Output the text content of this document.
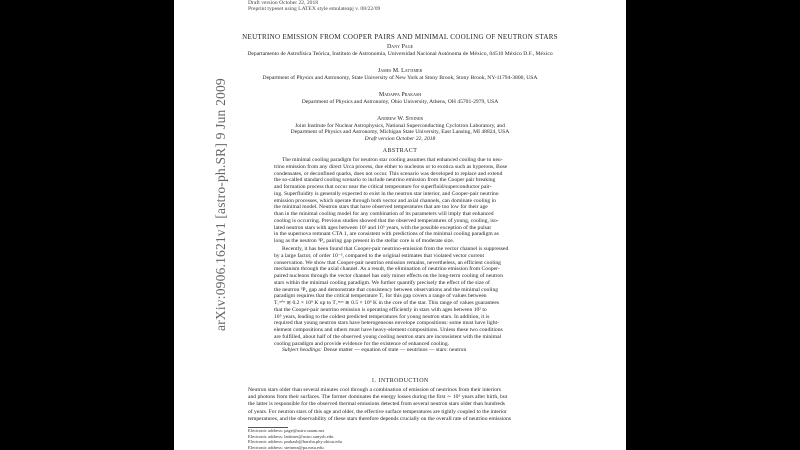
Draft version October 22, 2018
Preprint typeset using LATEX style emulateapj v. 08/22/09
NEUTRINO EMISSION FROM COOPER PAIRS AND MINIMAL COOLING OF NEUTRON STARS
Dany Page
Departamento de Astrofísica Teórica, Instituto de Astronomía, Universidad Nacional Autónoma de México, 04510 México D.F., México
James M. Lattimer
Department of Physics and Astronomy, State University of New York at Stony Brook, Stony Brook, NY-11794-3800, USA
Madappa Prakash
Department of Physics and Astronomy, Ohio University, Athens, OH 45701-2979, USA
Andrew W. Steiner
Joint Institute for Nuclear Astrophysics, National Superconducting Cyclotron Laboratory, and
Department of Physics and Astronomy, Michigan State University, East Lansing, MI 48824, USA
Draft version October 22, 2018
ABSTRACT
The minimal cooling paradigm for neutron star cooling assumes that enhanced cooling due to neu-
trino emission from any direct Urca process, due either to nucleons or to exotica such as hyperons, Bose
condensates, or deconfined quarks, does not occur. This scenario was developed to replace and extend
the so-called standard cooling scenario to include neutrino emission from the Cooper pair breaking
and formation process that occur near the critical temperature for superfluid/superconductor pair-
ing. Superfluidity is generally expected to exist in the neutron star interior, and Cooper-pair neutrino
emission processes, which operate through both vector and axial channels, can dominate cooling in
the minimal model. Neutron stars that have observed temperatures that are too low for their age
than in the minimal cooling model for any combination of its parameters will imply that enhanced
cooling is occurring. Previous studies showed that the observed temperatures of young, cooling, iso-
lated neutron stars with ages between 10² and 10⁵ years, with the possible exception of the pulsar
in the supernova remnant CTA 1, are consistent with predictions of the minimal cooling paradigm as
long as the neutron ³P₂ pairing gap present in the stellar core is of moderate size.
Recently, it has been found that Cooper-pair neutrino-emission from the vector channel is suppressed
by a large factor, of order 10⁻³, compared to the original estimates that violated vector current
conservation. We show that Cooper-pair neutrino emission remains, nevertheless, an efficient cooling
mechanism through the axial channel. As a result, the elimination of neutrino emission from Cooper-
paired nucleons through the vector channel has only minor effects on the long-term cooling of neutron
stars within the minimal cooling paradigm. We further quantify precisely the effect of the size of
the neutron ³P₂ gap and demonstrate that consistency between observations and the minimal cooling
paradigm requires that the critical temperature T꜀ for this gap covers a range of values between
T꜀ᵐⁱⁿ ≲ 0.2 × 10⁹ K up to T꜀ᵐᵃˣ ≳ 0.5 × 10⁹ K in the core of the star. This range of values guarantees
that the Cooper-pair neutrino emission is operating efficiently in stars with ages between 10² to
10⁵ years, leading to the coldest predicted temperatures for young neutron stars. In addition, it is
required that young neutron stars have heterogeneous envelope compositions: some must have light-
element compositions and others must have heavy-element compositions. Unless these two conditions
are fulfilled, about half of the observed young cooling neutron stars are inconsistent with the minimal
cooling paradigm and provide evidence for the existence of enhanced cooling.
Subject headings: Dense matter — equation of state — neutrinos — stars: neutron
1. INTRODUCTION
Neutron stars older than several minutes cool through a combination of emission of neutrinos from their interiors
and photons from their surfaces. The former dominates the energy losses during the first ∼ 10⁵ years after birth, but
the latter is responsible for the observed thermal emissions detected from several neutron stars older than hundreds
of years. For neutron stars of this age and older, the effective surface temperatures are tightly coupled to the interior
temperatures, and the observability of these stars therefore depends crucially on the overall rate of neutrino emissions
Electronic address: page@astro.unam.mx
Electronic address: lattimer@astro.sunysb.edu
Electronic address: prakash@harsha.phy.ohiou.edu
Electronic address: steinera@pa.msu.edu
arXiv:0906.1621v1 [astro-ph.SR] 9 Jun 2009
